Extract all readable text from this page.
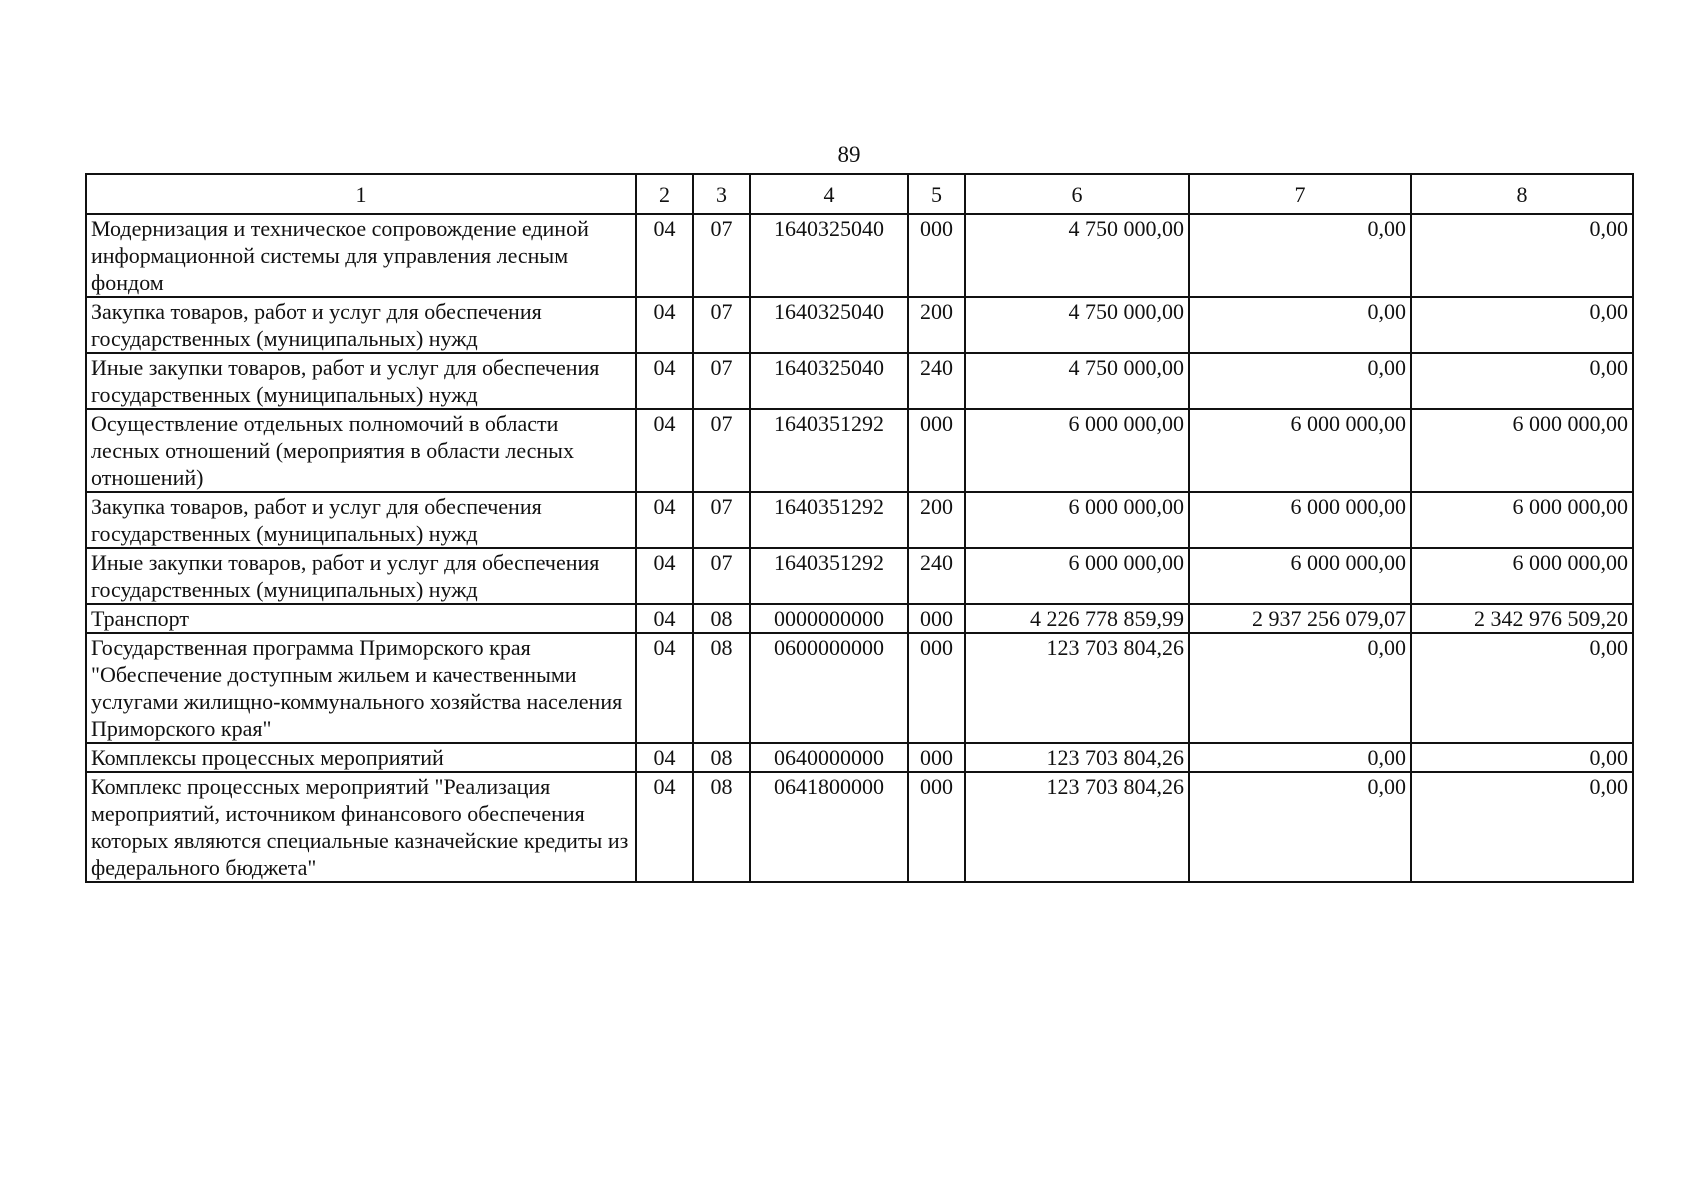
89
1	2	3	4	5	6	7	8
Модернизация и техническое сопровождение единой информационной системы для управления лесным фондом	04	07	1640325040	000	4 750 000,00	0,00	0,00
Закупка товаров, работ и услуг для обеспечения государственных (муниципальных) нужд	04	07	1640325040	200	4 750 000,00	0,00	0,00
Иные закупки товаров, работ и услуг для обеспечения государственных (муниципальных) нужд	04	07	1640325040	240	4 750 000,00	0,00	0,00
Осуществление отдельных полномочий в области лесных отношений (мероприятия в области лесных отношений)	04	07	1640351292	000	6 000 000,00	6 000 000,00	6 000 000,00
Закупка товаров, работ и услуг для обеспечения государственных (муниципальных) нужд	04	07	1640351292	200	6 000 000,00	6 000 000,00	6 000 000,00
Иные закупки товаров, работ и услуг для обеспечения государственных (муниципальных) нужд	04	07	1640351292	240	6 000 000,00	6 000 000,00	6 000 000,00
Транспорт	04	08	0000000000	000	4 226 778 859,99	2 937 256 079,07	2 342 976 509,20
Государственная программа Приморского края "Обеспечение доступным жильем и качественными услугами жилищно-коммунального хозяйства населения Приморского края"	04	08	0600000000	000	123 703 804,26	0,00	0,00
Комплексы процессных мероприятий	04	08	0640000000	000	123 703 804,26	0,00	0,00
Комплекс процессных мероприятий "Реализация мероприятий, источником финансового обеспечения которых являются специальные казначейские кредиты из федерального бюджета"	04	08	0641800000	000	123 703 804,26	0,00	0,00
